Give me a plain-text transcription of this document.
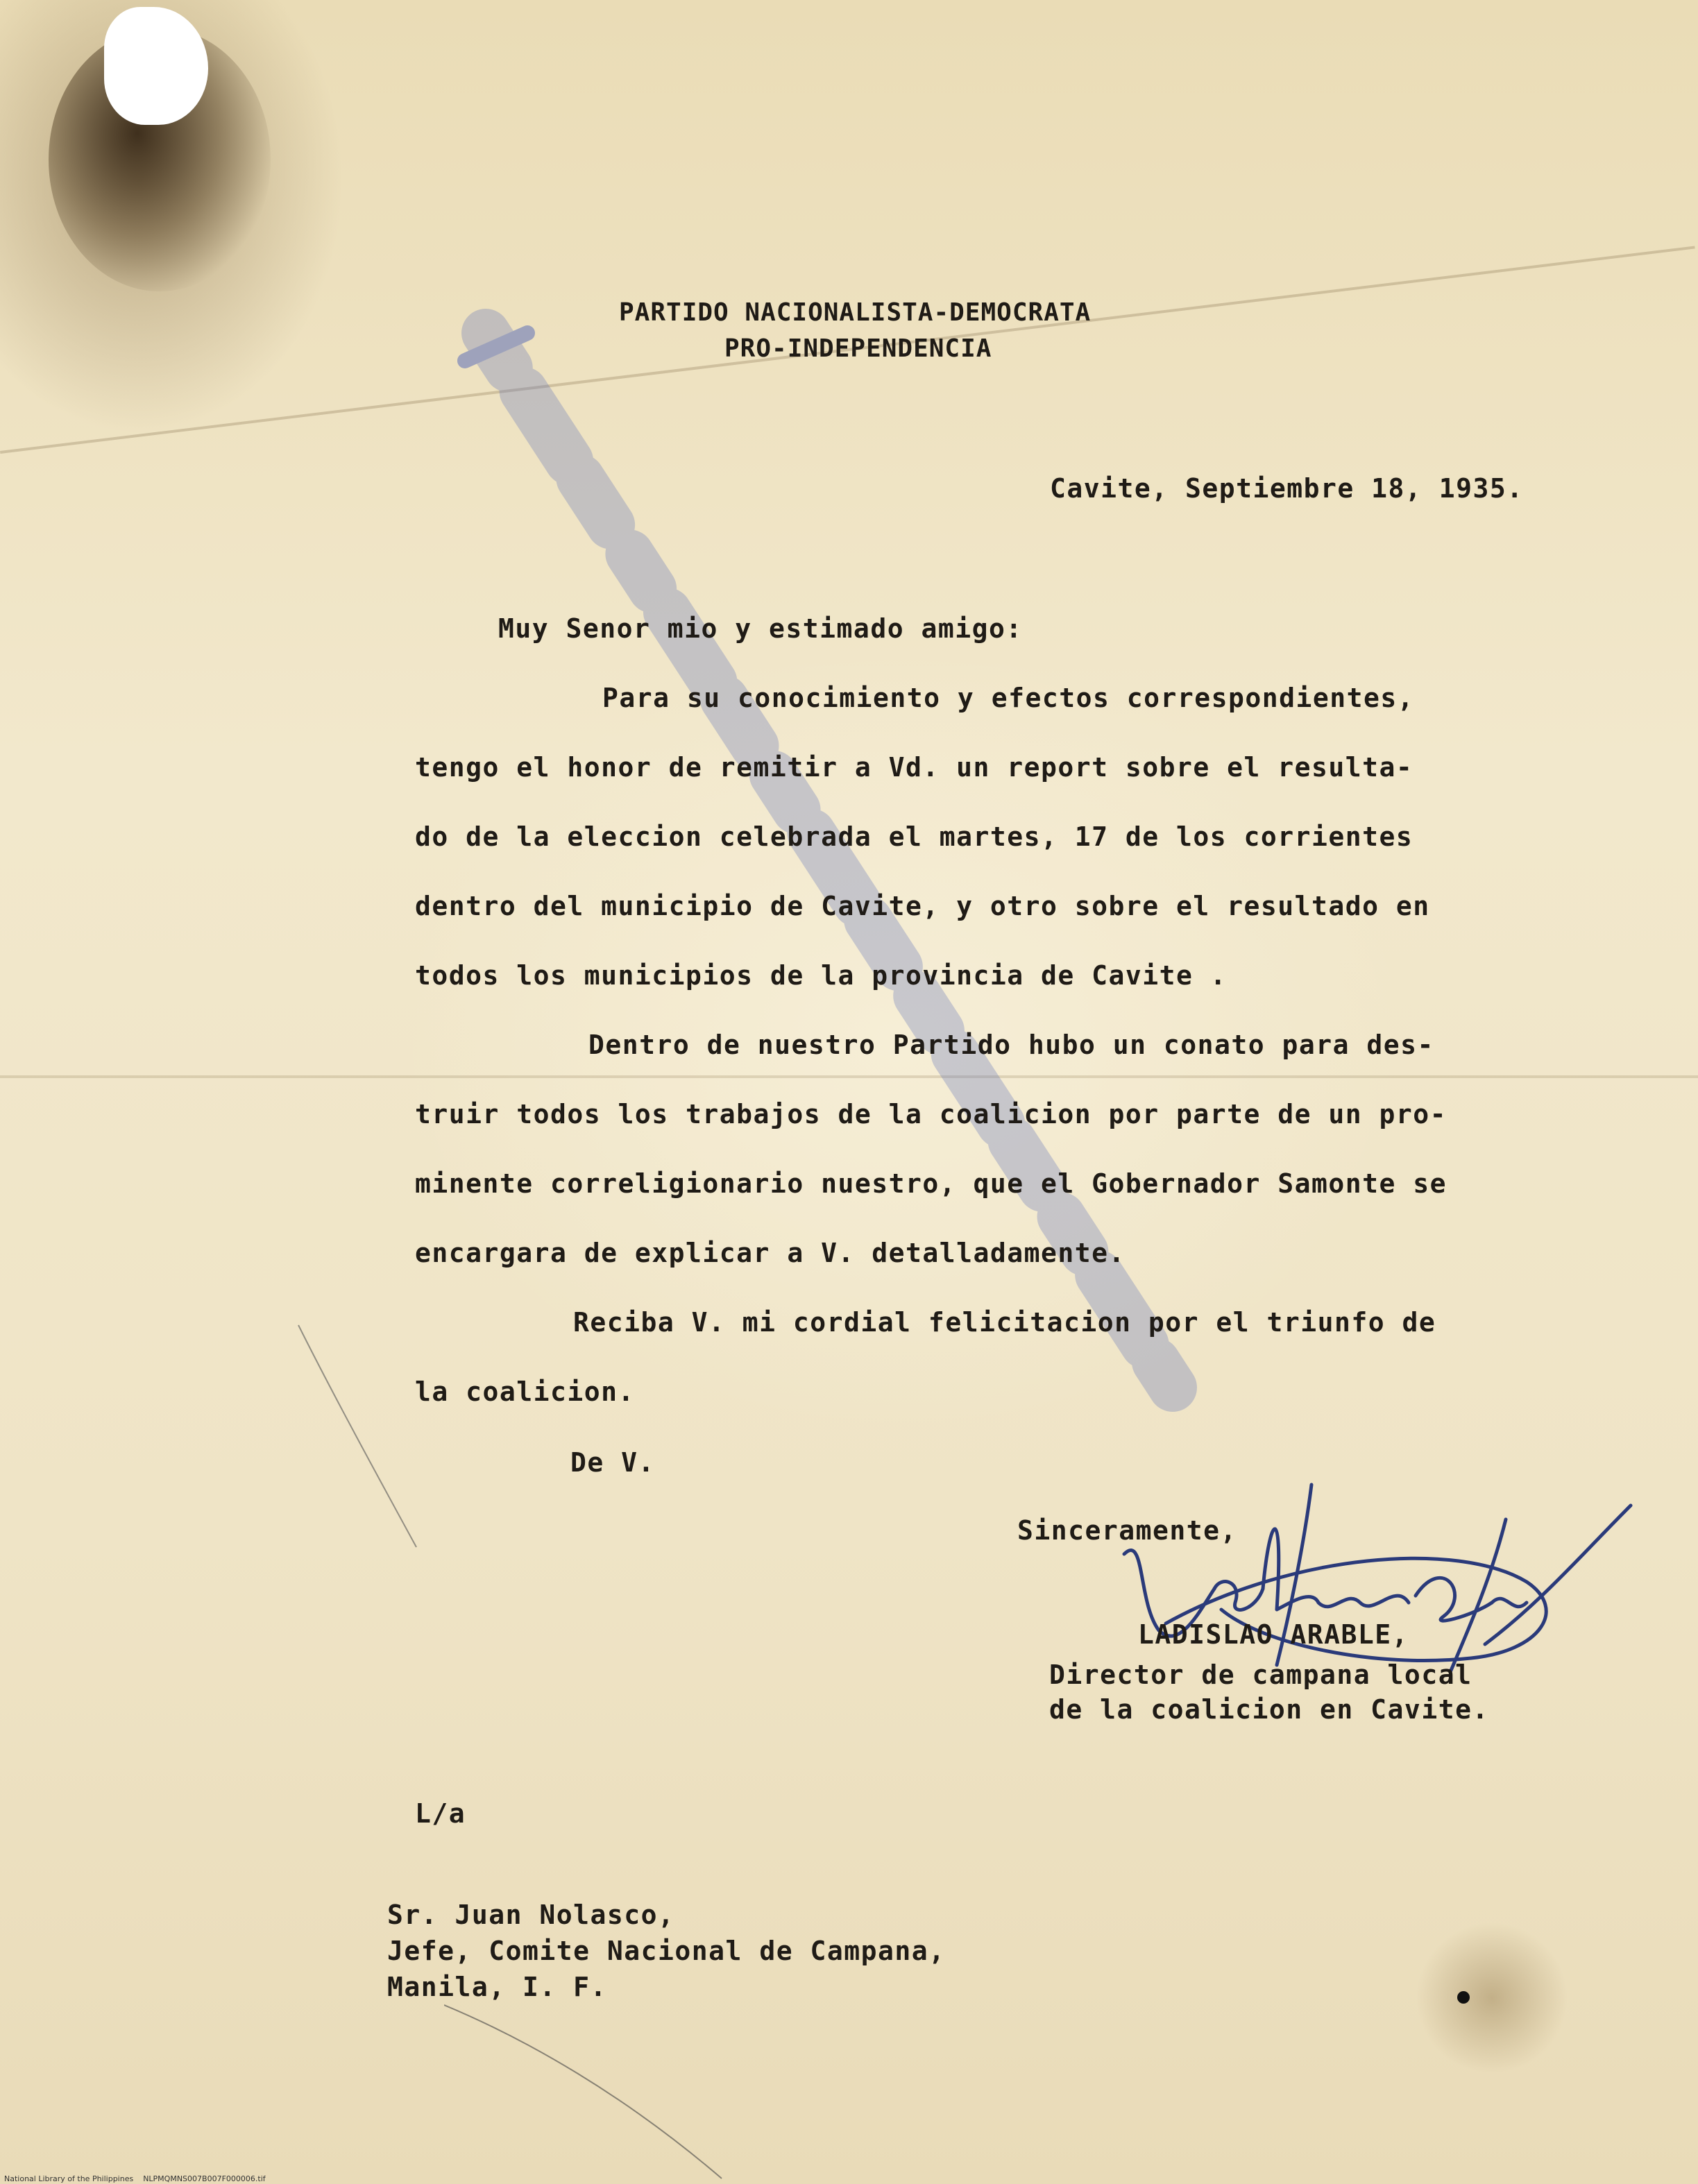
PARTIDO NACIONALISTA-DEMOCRATA
PRO-INDEPENDENCIA
Cavite, Septiembre 18, 1935.
Muy Senor mio y estimado amigo:
Para su conocimiento y efectos correspondientes,
tengo el honor de remitir a Vd. un report sobre el resulta-
do de la eleccion celebrada el martes, 17 de los corrientes
dentro del municipio de Cavite, y otro sobre el resultado en
todos los municipios de la provincia de Cavite .
Dentro de nuestro Partido hubo un conato para des-
truir todos los trabajos de la coalicion por parte de un pro-
minente correligionario nuestro, que el Gobernador Samonte se
encargara de explicar a V. detalladamente.
Reciba V. mi cordial felicitacion por el triunfo de
la coalicion.
De V.
Sinceramente,
LADISLAO ARABLE,
Director de campana local
de la coalicion en Cavite.
L/a
Sr. Juan Nolasco,
Jefe, Comite Nacional de Campana,
Manila, I. F.
National Library of the Philippines    NLPMQMNS007B007F000006.tif
